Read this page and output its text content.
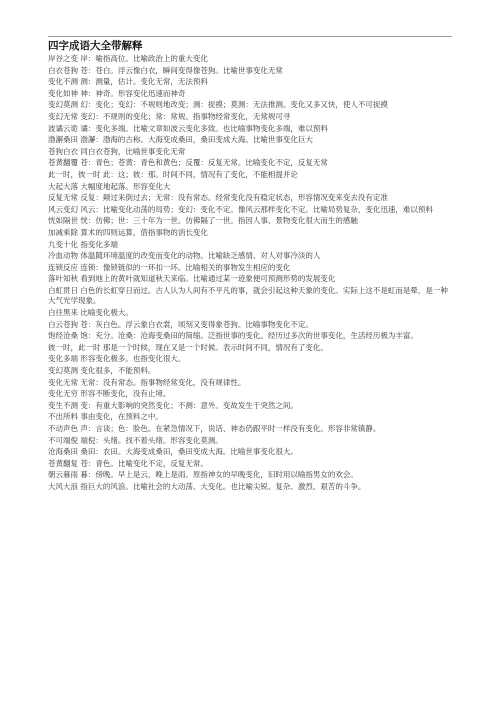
四字成语大全带解释
岸谷之变 岸：喻指高位。比喻政治上的重大变化
白衣苍狗 苍：苍白。浮云像白衣，瞬间变得像苍狗。比喻世事变化无常
变化不测 测：测量，估计。变化无常，无法预料
变化如神 神：神奇。形容变化迅速而神奇
变幻莫测 幻：变化；变幻：不规则地改变；测：捉摸；莫测：无法推测。变化又多又快，使人不可捉摸
变幻无常 变幻：不规则的变化；常：常规。指事物经常变化，无常规可寻
波谲云诡 谲：变化多端。比喻文章如波云变化多致。也比喻事物变化多端，难以预料
渤澥桑田 渤澥：渤海的古称。大海变成桑田，桑田变成大海。比喻世事变化巨大
苍狗白衣 同白衣苍狗，比喻世事变化无常
苍黄翻覆 苍：青色；苍黄：青色和黄色；反覆：反复无常。比喻变化不定，反复无常
此一时，彼一时 此：这；彼：那。时间不同，情况有了变化，不能相提并论
大起大落 大幅度地起落。形容变化大
反复无常 反复：颠过来倒过去；无常：没有常态。经常变化没有稳定状态，形容情况变来变去没有定准
风云变幻 风云：比喻变化动荡的局势；变幻：变化不定。像风云那样变化不定。比喻局势复杂，变化迅速，难以预料
恍如隔世 恍：仿佛；世：三十年为一世。仿佛隔了一世。指因人事、景物变化很大而生的感触
加减乘除 算术的四则运算，借指事物的消长变化
九变十化 指变化多端
冷血动物 体温随环境温度的改变而变化的动物。比喻缺乏感情、对人对事冷淡的人
连锁反应 连锁：像锁链似的一环扣一环。比喻相关的事物发生相应的变化
落叶知秋 看到地上的黄叶就知道秋天来临。比喻通过某一迹象便可预测形势的发展变化
白虹贯日 白色的长虹穿日而过。古人认为人间有不平凡的事，就会引起这种天象的变化。实际上这不是虹而是晕，是一种大气光学现象。
白往黑来 比喻变化极大。
白云苍狗 苍：灰白色。浮云象白衣裳，顷刻又变得象苍狗。比喻事物变化不定。
饱经沧桑 饱：充分。沧桑：沧海变桑田的简缩。泛指世事的变化。经历过多次的世事变化，生活经历极为丰富。
彼一时，此一时 那是一个时候，现在又是一个时候。表示时间不同，情况有了变化。
变化多端 形容变化极多。也指变化很大。
变幻莫测 变化很多，不能预料。
变化无常 无常：没有常态。指事物经常变化，没有规律性。
变化无穷 形容不断变化，没有止境。
变生不测 变：有重大影响的突然变化；不测：意外。变故发生于突然之间。
不出所料 事由变化，在预料之中。
不动声色 声：言谈；色：脸色。在紧急情况下，说话、神态仍跟平时一样没有变化。形容非常镇静。
不可端倪 端倪：头绪。找不着头绪。形容变化莫测。
沧海桑田 桑田：农田。大海变成桑田，桑田变成大海。比喻世事变化很大。
苍黄翻复 苍：青色。比喻变化不定，反复无常。
朝云暮雨 暮：傍晚。早上是云，晚上是雨。原指神女的早晚变化，旧时用以喻指男女的欢会。
大风大浪 指巨大的风浪。比喻社会的大动荡、大变化。也比喻尖锐、复杂、激烈、艰苦的斗争。
